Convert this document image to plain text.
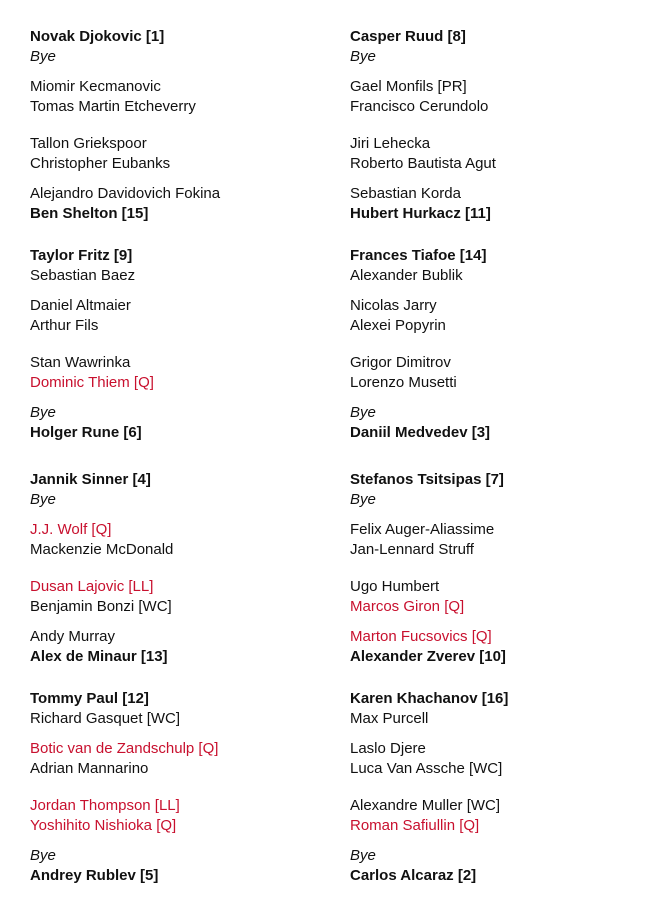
Novak Djokovic [1]
Bye
Miomir Kecmanovic
Tomas Martin Etcheverry
Tallon Griekspoor
Christopher Eubanks
Alejandro Davidovich Fokina
Ben Shelton [15]
Taylor Fritz [9]
Sebastian Baez
Daniel Altmaier
Arthur Fils
Stan Wawrinka
Dominic Thiem [Q]
Bye
Holger Rune [6]
Jannik Sinner [4]
Bye
J.J. Wolf [Q]
Mackenzie McDonald
Dusan Lajovic [LL]
Benjamin Bonzi [WC]
Andy Murray
Alex de Minaur [13]
Tommy Paul [12]
Richard Gasquet [WC]
Botic van de Zandschulp [Q]
Adrian Mannarino
Jordan Thompson [LL]
Yoshihito Nishioka [Q]
Bye
Andrey Rublev [5]
Casper Ruud [8]
Bye
Gael Monfils [PR]
Francisco Cerundolo
Jiri Lehecka
Roberto Bautista Agut
Sebastian Korda
Hubert Hurkacz [11]
Frances Tiafoe [14]
Alexander Bublik
Nicolas Jarry
Alexei Popyrin
Grigor Dimitrov
Lorenzo Musetti
Bye
Daniil Medvedev [3]
Stefanos Tsitsipas [7]
Bye
Felix Auger-Aliassime
Jan-Lennard Struff
Ugo Humbert
Marcos Giron [Q]
Marton Fucsovics [Q]
Alexander Zverev [10]
Karen Khachanov [16]
Max Purcell
Laslo Djere
Luca Van Assche [WC]
Alexandre Muller [WC]
Roman Safiullin [Q]
Bye
Carlos Alcaraz [2]
